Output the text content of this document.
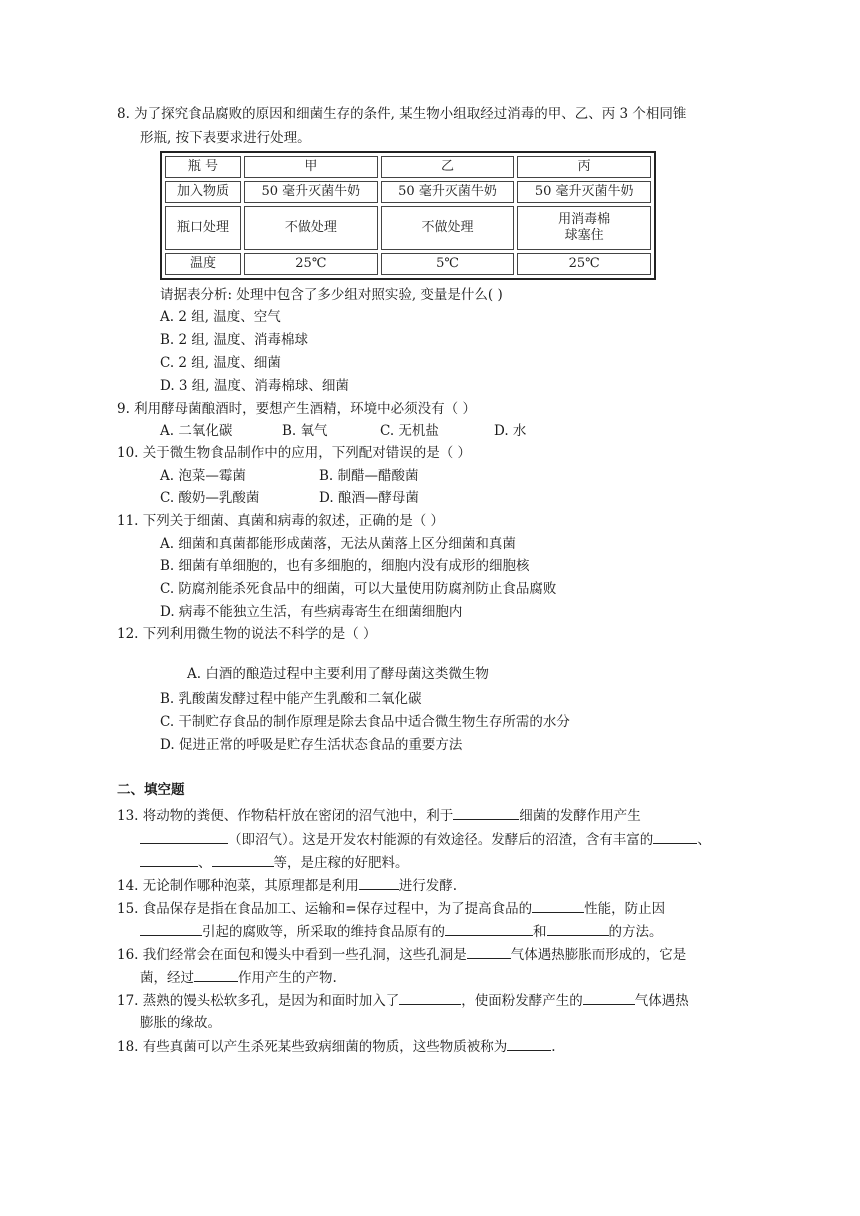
8. 为了探究食品腐败的原因和细菌生存的条件, 某生物小组取经过消毒的甲、乙、丙 3 个相同锥
形瓶, 按下表要求进行处理。
瓶 号	甲	乙	丙
加入物质	50 毫升灭菌牛奶	50 毫升灭菌牛奶	50 毫升灭菌牛奶
瓶口处理	不做处理	不做处理	用消毒棉
球塞住
温度	25℃	5℃	25℃
请据表分析: 处理中包含了多少组对照实验, 变量是什么( )
A. 2 组, 温度、空气
B. 2 组, 温度、消毒棉球
C. 2 组, 温度、细菌
D. 3 组, 温度、消毒棉球、细菌
9. 利用酵母菌酿酒时，要想产生酒精，环境中必须没有（ ）
A. 二氧化碳	B. 氧气	C. 无机盐	D. 水
10. 关于微生物食品制作中的应用，下列配对错误的是（ ）
A. 泡菜—霉菌	B. 制醋—醋酸菌
C. 酸奶—乳酸菌	D. 酿酒—酵母菌
11. 下列关于细菌、真菌和病毒的叙述，正确的是（ ）
A. 细菌和真菌都能形成菌落，无法从菌落上区分细菌和真菌
B. 细菌有单细胞的，也有多细胞的，细胞内没有成形的细胞核
C. 防腐剂能杀死食品中的细菌，可以大量使用防腐剂防止食品腐败
D. 病毒不能独立生活，有些病毒寄生在细菌细胞内
12. 下列利用微生物的说法不科学的是（ ）
A. 白酒的酿造过程中主要利用了酵母菌这类微生物
B. 乳酸菌发酵过程中能产生乳酸和二氧化碳
C. 干制贮存食品的制作原理是除去食品中适合微生物生存所需的水分
D. 促进正常的呼吸是贮存生活状态食品的重要方法
二、填空题
13. 将动物的粪便、作物秸杆放在密闭的沼气池中，利于	细菌的发酵作用产生
（即沼气）。这是开发农村能源的有效途径。发酵后的沼渣，含有丰富的	、
、	等，是庄稼的好肥料。
14. 无论制作哪种泡菜，其原理都是利用	进行发酵.
15. 食品保存是指在食品加工、运输和=保存过程中，为了提高食品的	性能，防止因
引起的腐败等，所采取的维持食品原有的	和	的方法。
16. 我们经常会在面包和馒头中看到一些孔洞，这些孔洞是	气体遇热膨胀而形成的，它是
菌，经过	作用产生的产物.
17. 蒸熟的馒头松软多孔，是因为和面时加入了	，使面粉发酵产生的	气体遇热
膨胀的缘故。
18. 有些真菌可以产生杀死某些致病细菌的物质，这些物质被称为	.
